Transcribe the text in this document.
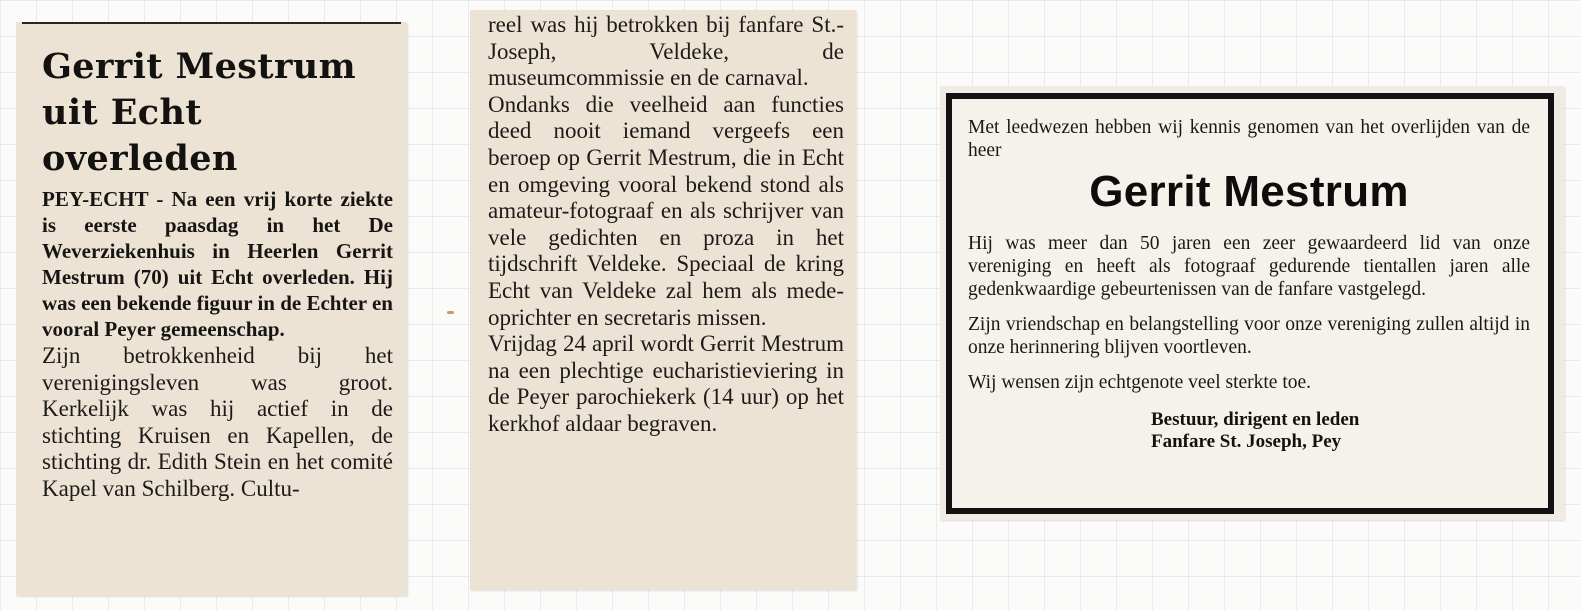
Gerrit Mestrum
uit Echt
overleden

PEY-ECHT - Na een vrij korte ziekte is eerste paasdag in het De Weverziekenhuis in Heerlen Gerrit Mestrum (70) uit Echt overleden. Hij was een bekende figuur in de Echter en vooral Peyer gemeenschap.

Zijn betrokkenheid bij het verenigingsleven was groot. Kerkelijk was hij actief in de stichting Kruisen en Kapellen, de stichting dr. Edith Stein en het comité Kapel van Schilberg. Cultu-

reel was hij betrokken bij fanfare St.-Joseph, Veldeke, de museumcommissie en de carnaval.

Ondanks die veelheid aan functies deed nooit iemand vergeefs een beroep op Gerrit Mestrum, die in Echt en omgeving vooral bekend stond als amateur-fotograaf en als schrijver van vele gedichten en proza in het tijdschrift Veldeke. Speciaal de kring Echt van Veldeke zal hem als mede-oprichter en secretaris missen.

Vrijdag 24 april wordt Gerrit Mestrum na een plechtige eucharistieviering in de Peyer parochiekerk (14 uur) op het kerkhof aldaar begraven.

Met leedwezen hebben wij kennis genomen van het overlijden van de heer

Gerrit Mestrum

Hij was meer dan 50 jaren een zeer gewaardeerd lid van onze vereniging en heeft als fotograaf gedurende tientallen jaren alle gedenkwaardige gebeurtenissen van de fanfare vastgelegd.

Zijn vriendschap en belangstelling voor onze vereniging zullen altijd in onze herinnering blijven voortleven.

Wij wensen zijn echtgenote veel sterkte toe.

Bestuur, dirigent en leden
Fanfare St. Joseph, Pey
